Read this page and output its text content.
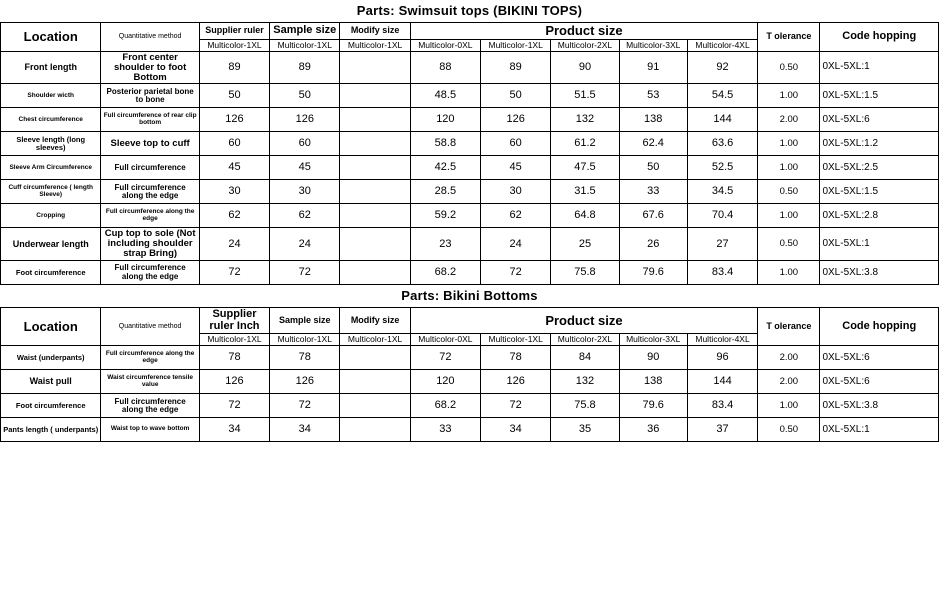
Parts: Swimsuit tops (BIKINI TOPS)
Location	Quantitative method	Supplier ruler	Sample size	Modify size	Product size					T olerance	Code hopping
		Multicolor-1XL	Multicolor-1XL	Multicolor-1XL	Multicolor-0XL	Multicolor-1XL	Multicolor-2XL	Multicolor-3XL	Multicolor-4XL		
Front length	Front center shoulder to foot Bottom	89	89		88	89	90	91	92	0.50	0XL-5XL:1
Shoulder wicth	Posterior parietal bone to bone	50	50		48.5	50	51.5	53	54.5	1.00	0XL-5XL:1.5
Chest circumference	Full circumference of rear clip bottom	126	126		120	126	132	138	144	2.00	0XL-5XL:6
Sleeve length (long sleeves)	Sleeve top to cuff	60	60		58.8	60	61.2	62.4	63.6	1.00	0XL-5XL:1.2
Sleeve Arm Circumference	Full circumference	45	45		42.5	45	47.5	50	52.5	1.00	0XL-5XL:2.5
Cuff circumference ( length Sleeve)	Full circumference along the edge	30	30		28.5	30	31.5	33	34.5	0.50	0XL-5XL:1.5
Cropping	Full circumference along the edge	62	62		59.2	62	64.8	67.6	70.4	1.00	0XL-5XL:2.8
Underwear length	Cup top to sole (Not including shoulder strap Bring)	24	24		23	24	25	26	27	0.50	0XL-5XL:1
Foot circumference	Full circumference along the edge	72	72		68.2	72	75.8	79.6	83.4	1.00	0XL-5XL:3.8
Parts: Bikini Bottoms
Location	Quantitative method	Supplier ruler Inch	Sample size	Modify size	Product size					T olerance	Code hopping
		Multicolor-1XL	Multicolor-1XL	Multicolor-1XL	Multicolor-0XL	Multicolor-1XL	Multicolor-2XL	Multicolor-3XL	Multicolor-4XL		
Waist (underpants)	Full circumference along the edge	78	78		72	78	84	90	96	2.00	0XL-5XL:6
Waist pull	Waist circumference tensile value	126	126		120	126	132	138	144	2.00	0XL-5XL:6
Foot circumference	Full circumference along the edge	72	72		68.2	72	75.8	79.6	83.4	1.00	0XL-5XL:3.8
Pants length ( underpants)	Waist top to wave bottom	34	34		33	34	35	36	37	0.50	0XL-5XL:1
